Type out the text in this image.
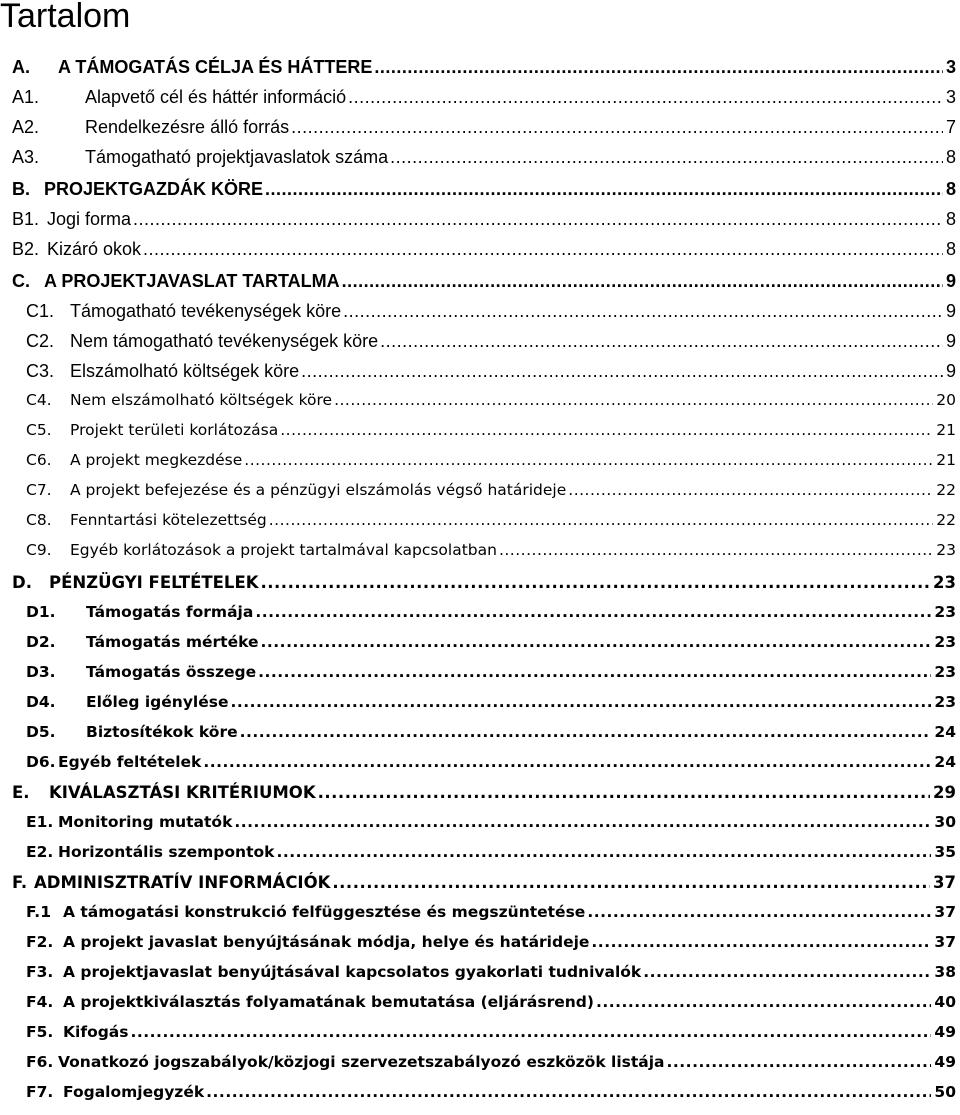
Tartalom
A.	A TÁMOGATÁS CÉLJA ÉS HÁTTERE .....	3
A1.	Alapvető cél és háttér információ .....	3
A2.	Rendelkezésre álló forrás .....	7
A3.	Támogatható projektjavaslatok száma .....	8
B. PROJEKTGAZDÁK KÖRE .....	8
B1. Jogi forma .....	8
B2. Kizáró okok .....	8
C. A PROJEKTJAVASLAT TARTALMA .....	9
C1. Támogatható tevékenységek köre .....	9
C2. Nem támogatható tevékenységek köre .....	9
C3. Elszámolható költségek köre .....	9
C4.	Nem elszámolható költségek köre .....	20
C5.	Projekt területi korlátozása .....	21
C6.	A projekt megkezdése .....	21
C7.	A projekt befejezése és a pénzügyi elszámolás végső határideje .....	22
C8.	Fenntartási kötelezettség .....	22
C9.	Egyéb korlátozások a projekt tartalmával kapcsolatban .....	23
D.	PÉNZÜGYI FELTÉTELEK .....	23
D1.	Támogatás formája .....	23
D2.	Támogatás mértéke .....	23
D3.	Támogatás összege .....	23
D4.	Előleg igénylése .....	23
D5.	Biztosítékok köre .....	24
D6. Egyéb feltételek .....	24
E.	KIVÁLASZTÁSI KRITÉRIUMOK .....	29
E1. Monitoring mutatók .....	30
E2. Horizontális szempontok .....	35
F. ADMINISZTRATÍV INFORMÁCIÓK .....	37
F.1 A támogatási konstrukció felfüggesztése és megszüntetése .....	37
F2. A projekt javaslat benyújtásának módja, helye és határideje .....	37
F3. A projektjavaslat benyújtásával kapcsolatos gyakorlati tudnivalók .....	38
F4. A projektkiválasztás folyamatának bemutatása (eljárásrend) .....	40
F5. Kifogás .....	49
F6. Vonatkozó jogszabályok/közjogi szervezetszabályozó eszközök listája .....	49
F7. Fogalomjegyzék .....	50
